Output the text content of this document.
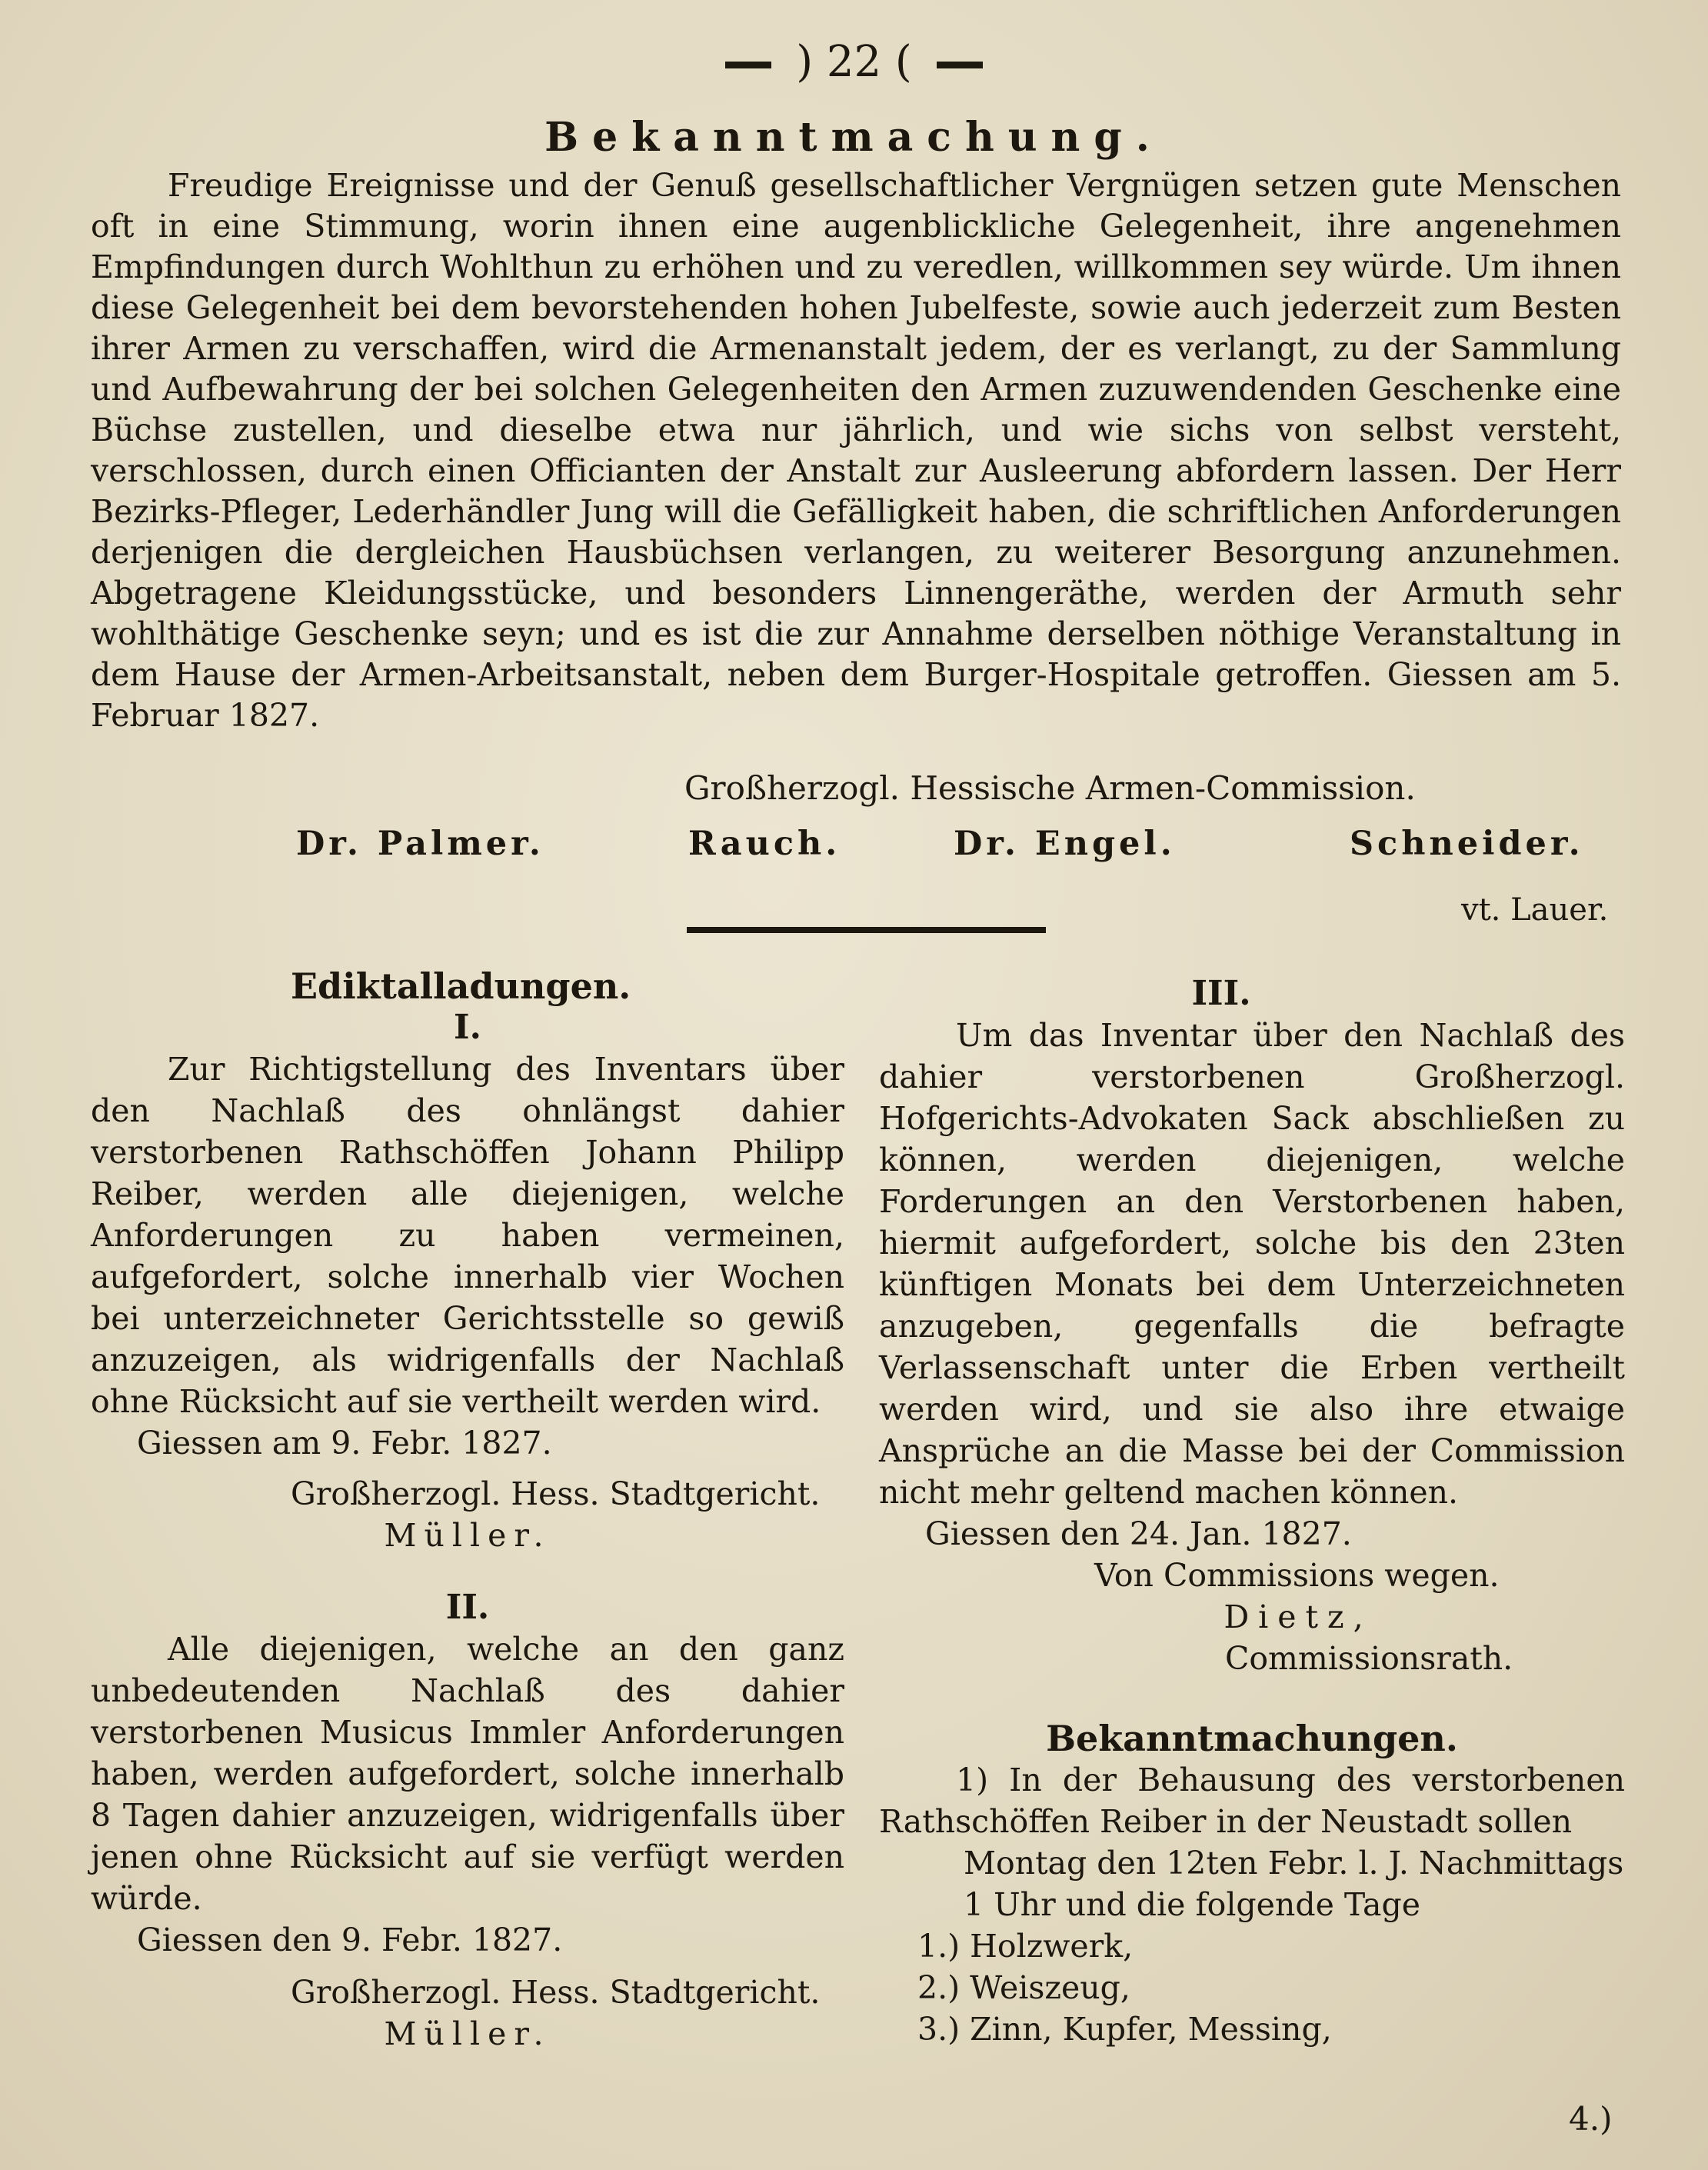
) 22 (
Bekanntmachung.
Freudige Ereignisse und der Genuß gesellschaftlicher Vergnügen setzen gute Menschen oft in eine Stimmung, worin ihnen eine augenblickliche Gelegenheit, ihre angenehmen Empfindungen durch Wohlthun zu erhöhen und zu veredlen, willkommen sey würde. Um ihnen diese Gelegenheit bei dem bevorstehenden hohen Jubelfeste, sowie auch jederzeit zum Besten ihrer Armen zu verschaffen, wird die Armenanstalt jedem, der es verlangt, zu der Sammlung und Aufbewahrung der bei solchen Gelegenheiten den Armen zuzuwendenden Geschenke eine Büchse zustellen, und dieselbe etwa nur jährlich, und wie sichs von selbst versteht, verschlossen, durch einen Officianten der Anstalt zur Ausleerung abfordern lassen. Der Herr Bezirks-Pfleger, Lederhändler Jung will die Gefälligkeit haben, die schriftlichen Anforderungen derjenigen die dergleichen Hausbüchsen verlangen, zu weiterer Besorgung anzunehmen. Abgetragene Kleidungsstücke, und besonders Linnengeräthe, werden der Armuth sehr wohlthätige Geschenke seyn; und es ist die zur Annahme derselben nöthige Veranstaltung in dem Hause der Armen-Arbeitsanstalt, neben dem Burger-Hospitale getroffen. Giessen am 5. Februar 1827.
Großherzogl. Hessische Armen-Commission.
Dr. Palmer.	Rauch.	Dr. Engel.	Schneider.
vt. Lauer.
Ediktalladungen.
I.
Zur Richtigstellung des Inventars über den Nachlaß des ohnlängst dahier verstorbenen Rathschöffen Johann Philipp Reiber, werden alle diejenigen, welche Anforderungen zu haben vermeinen, aufgefordert, solche innerhalb vier Wochen bei unterzeichneter Gerichtsstelle so gewiß anzuzeigen, als widrigenfalls der Nachlaß ohne Rücksicht auf sie vertheilt werden wird.
Giessen am 9. Febr. 1827.
Großherzogl. Hess. Stadtgericht.
Müller.
II.
Alle diejenigen, welche an den ganz unbedeutenden Nachlaß des dahier verstorbenen Musicus Immler Anforderungen haben, werden aufgefordert, solche innerhalb 8 Tagen dahier anzuzeigen, widrigenfalls über jenen ohne Rücksicht auf sie verfügt werden würde.
Giessen den 9. Febr. 1827.
Großherzogl. Hess. Stadtgericht.
Müller.
III.
Um das Inventar über den Nachlaß des dahier verstorbenen Großherzogl. Hofgerichts-Advokaten Sack abschließen zu können, werden diejenigen, welche Forderungen an den Verstorbenen haben, hiermit aufgefordert, solche bis den 23ten künftigen Monats bei dem Unterzeichneten anzugeben, gegenfalls die befragte Verlassenschaft unter die Erben vertheilt werden wird, und sie also ihre etwaige Ansprüche an die Masse bei der Commission nicht mehr geltend machen können.
Giessen den 24. Jan. 1827.
Von Commissions wegen.
Dietz,
Commissionsrath.
Bekanntmachungen.
1) In der Behausung des verstorbenen Rathschöffen Reiber in der Neustadt sollen
Montag den 12ten Febr. l. J. Nachmittags 1 Uhr und die folgende Tage
1.) Holzwerk,
2.) Weiszeug,
3.) Zinn, Kupfer, Messing,
4.)
